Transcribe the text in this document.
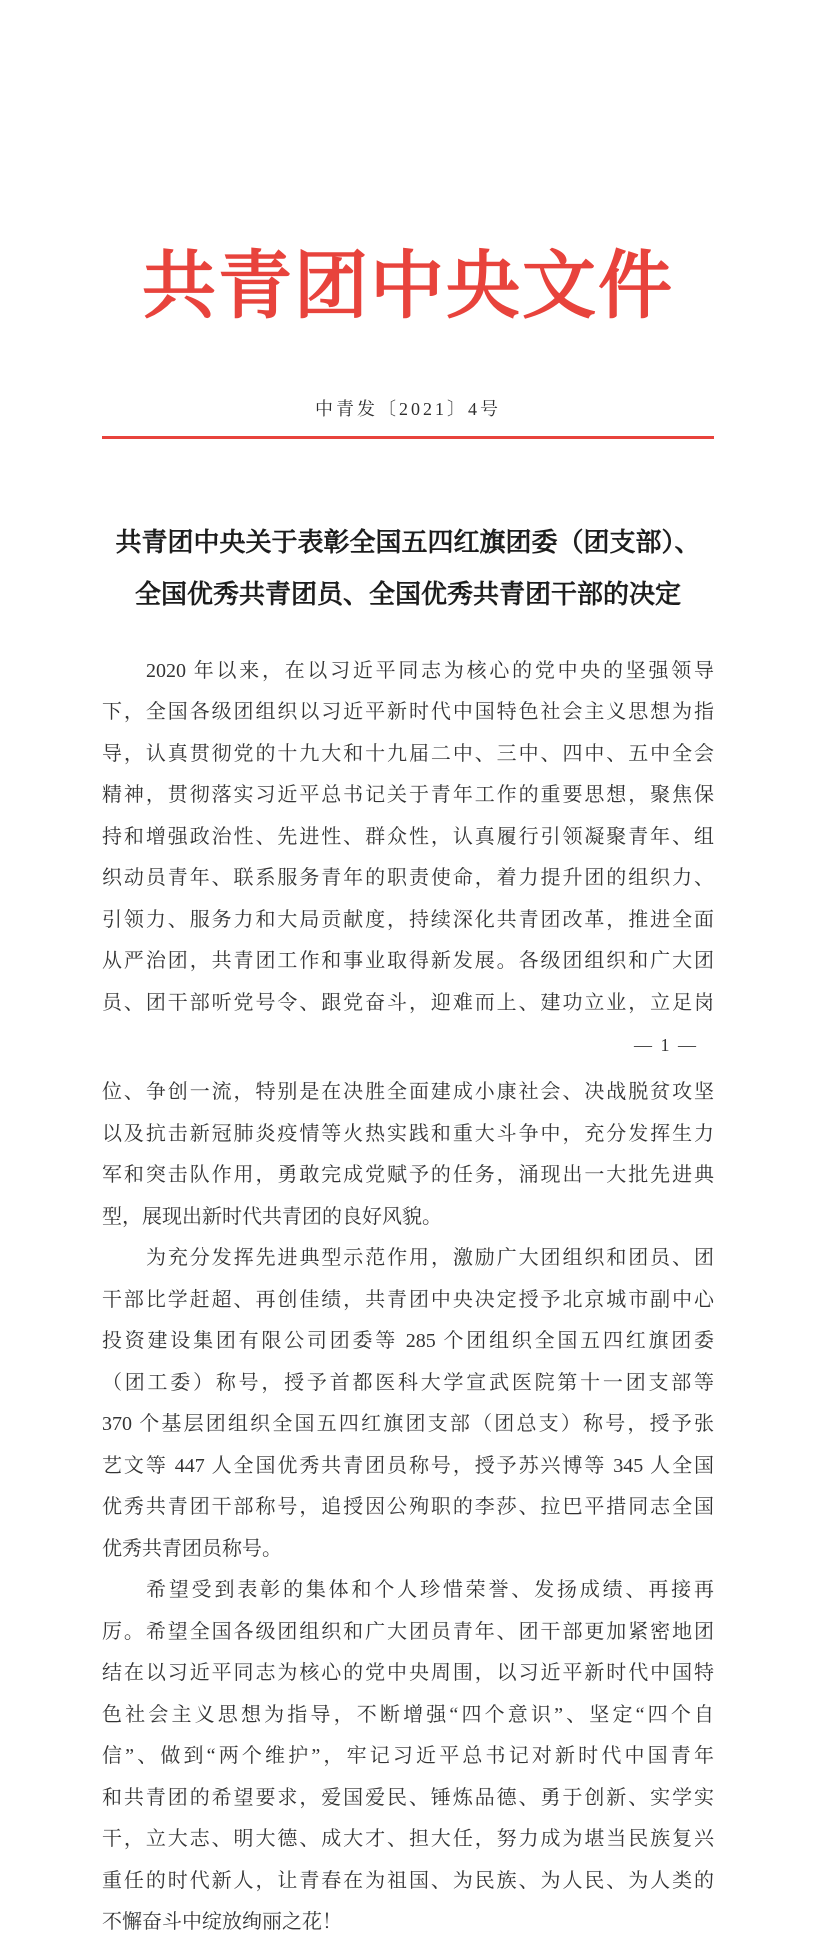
共青团中央文件
中青发〔2021〕4号
共青团中央关于表彰全国五四红旗团委（团支部）、
全国优秀共青团员、全国优秀共青团干部的决定
2020 年以来，在以习近平同志为核心的党中央的坚强领导
下，全国各级团组织以习近平新时代中国特色社会主义思想为指
导，认真贯彻党的十九大和十九届二中、三中、四中、五中全会
精神，贯彻落实习近平总书记关于青年工作的重要思想，聚焦保
持和增强政治性、先进性、群众性，认真履行引领凝聚青年、组
织动员青年、联系服务青年的职责使命，着力提升团的组织力、
引领力、服务力和大局贡献度，持续深化共青团改革，推进全面
从严治团，共青团工作和事业取得新发展。各级团组织和广大团
员、团干部听党号令、跟党奋斗，迎难而上、建功立业，立足岗
— 1 —
位、争创一流，特别是在决胜全面建成小康社会、决战脱贫攻坚
以及抗击新冠肺炎疫情等火热实践和重大斗争中，充分发挥生力
军和突击队作用，勇敢完成党赋予的任务，涌现出一大批先进典
型，展现出新时代共青团的良好风貌。
为充分发挥先进典型示范作用，激励广大团组织和团员、团
干部比学赶超、再创佳绩，共青团中央决定授予北京城市副中心
投资建设集团有限公司团委等 285 个团组织全国五四红旗团委
（团工委）称号，授予首都医科大学宣武医院第十一团支部等
370 个基层团组织全国五四红旗团支部（团总支）称号，授予张
艺文等 447 人全国优秀共青团员称号，授予苏兴博等 345 人全国
优秀共青团干部称号，追授因公殉职的李莎、拉巴平措同志全国
优秀共青团员称号。
希望受到表彰的集体和个人珍惜荣誉、发扬成绩、再接再
厉。希望全国各级团组织和广大团员青年、团干部更加紧密地团
结在以习近平同志为核心的党中央周围，以习近平新时代中国特
色社会主义思想为指导，不断增强“四个意识”、坚定“四个自
信”、做到“两个维护”，牢记习近平总书记对新时代中国青年
和共青团的希望要求，爱国爱民、锤炼品德、勇于创新、实学实
干，立大志、明大德、成大才、担大任，努力成为堪当民族复兴
重任的时代新人，让青春在为祖国、为民族、为人民、为人类的
不懈奋斗中绽放绚丽之花！
